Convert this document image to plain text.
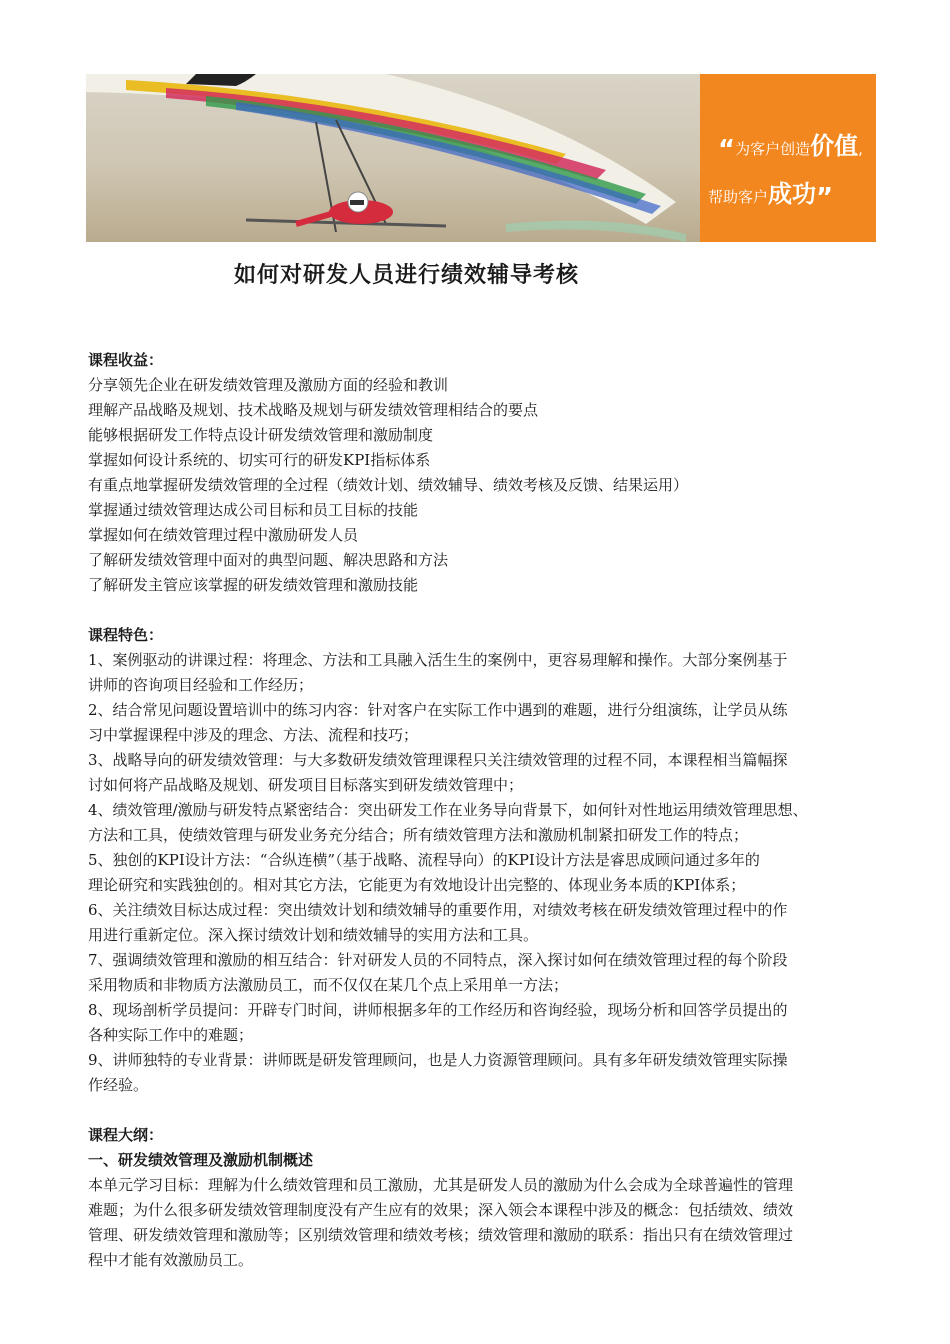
“为客户创造价值,
帮助客户成功”
如何对研发人员进行绩效辅导考核
课程收益：
分享领先企业在研发绩效管理及激励方面的经验和教训
理解产品战略及规划、技术战略及规划与研发绩效管理相结合的要点
能够根据研发工作特点设计研发绩效管理和激励制度
掌握如何设计系统的、切实可行的研发KPI指标体系
有重点地掌握研发绩效管理的全过程（绩效计划、绩效辅导、绩效考核及反馈、结果运用）
掌握通过绩效管理达成公司目标和员工目标的技能
掌握如何在绩效管理过程中激励研发人员
了解研发绩效管理中面对的典型问题、解决思路和方法
了解研发主管应该掌握的研发绩效管理和激励技能
课程特色：
1、案例驱动的讲课过程：将理念、方法和工具融入活生生的案例中，更容易理解和操作。大部分案例基于
讲师的咨询项目经验和工作经历；
2、结合常见问题设置培训中的练习内容：针对客户在实际工作中遇到的难题，进行分组演练，让学员从练
习中掌握课程中涉及的理念、方法、流程和技巧；
3、战略导向的研发绩效管理：与大多数研发绩效管理课程只关注绩效管理的过程不同，本课程相当篇幅探
讨如何将产品战略及规划、研发项目目标落实到研发绩效管理中；
4、绩效管理/激励与研发特点紧密结合：突出研发工作在业务导向背景下，如何针对性地运用绩效管理思想、
方法和工具，使绩效管理与研发业务充分结合；所有绩效管理方法和激励机制紧扣研发工作的特点；
5、独创的KPI设计方法：“合纵连横”（基于战略、流程导向）的KPI设计方法是睿思成顾问通过多年的
理论研究和实践独创的。相对其它方法，它能更为有效地设计出完整的、体现业务本质的KPI体系；
6、关注绩效目标达成过程：突出绩效计划和绩效辅导的重要作用，对绩效考核在研发绩效管理过程中的作
用进行重新定位。深入探讨绩效计划和绩效辅导的实用方法和工具。
7、强调绩效管理和激励的相互结合：针对研发人员的不同特点，深入探讨如何在绩效管理过程的每个阶段
采用物质和非物质方法激励员工，而不仅仅在某几个点上采用单一方法；
8、现场剖析学员提问：开辟专门时间，讲师根据多年的工作经历和咨询经验，现场分析和回答学员提出的
各种实际工作中的难题；
9、讲师独特的专业背景：讲师既是研发管理顾问，也是人力资源管理顾问。具有多年研发绩效管理实际操
作经验。
课程大纲：
一、研发绩效管理及激励机制概述
本单元学习目标：理解为什么绩效管理和员工激励，尤其是研发人员的激励为什么会成为全球普遍性的管理
难题；为什么很多研发绩效管理制度没有产生应有的效果；深入领会本课程中涉及的概念：包括绩效、绩效
管理、研发绩效管理和激励等；区别绩效管理和绩效考核；绩效管理和激励的联系：指出只有在绩效管理过
程中才能有效激励员工。
